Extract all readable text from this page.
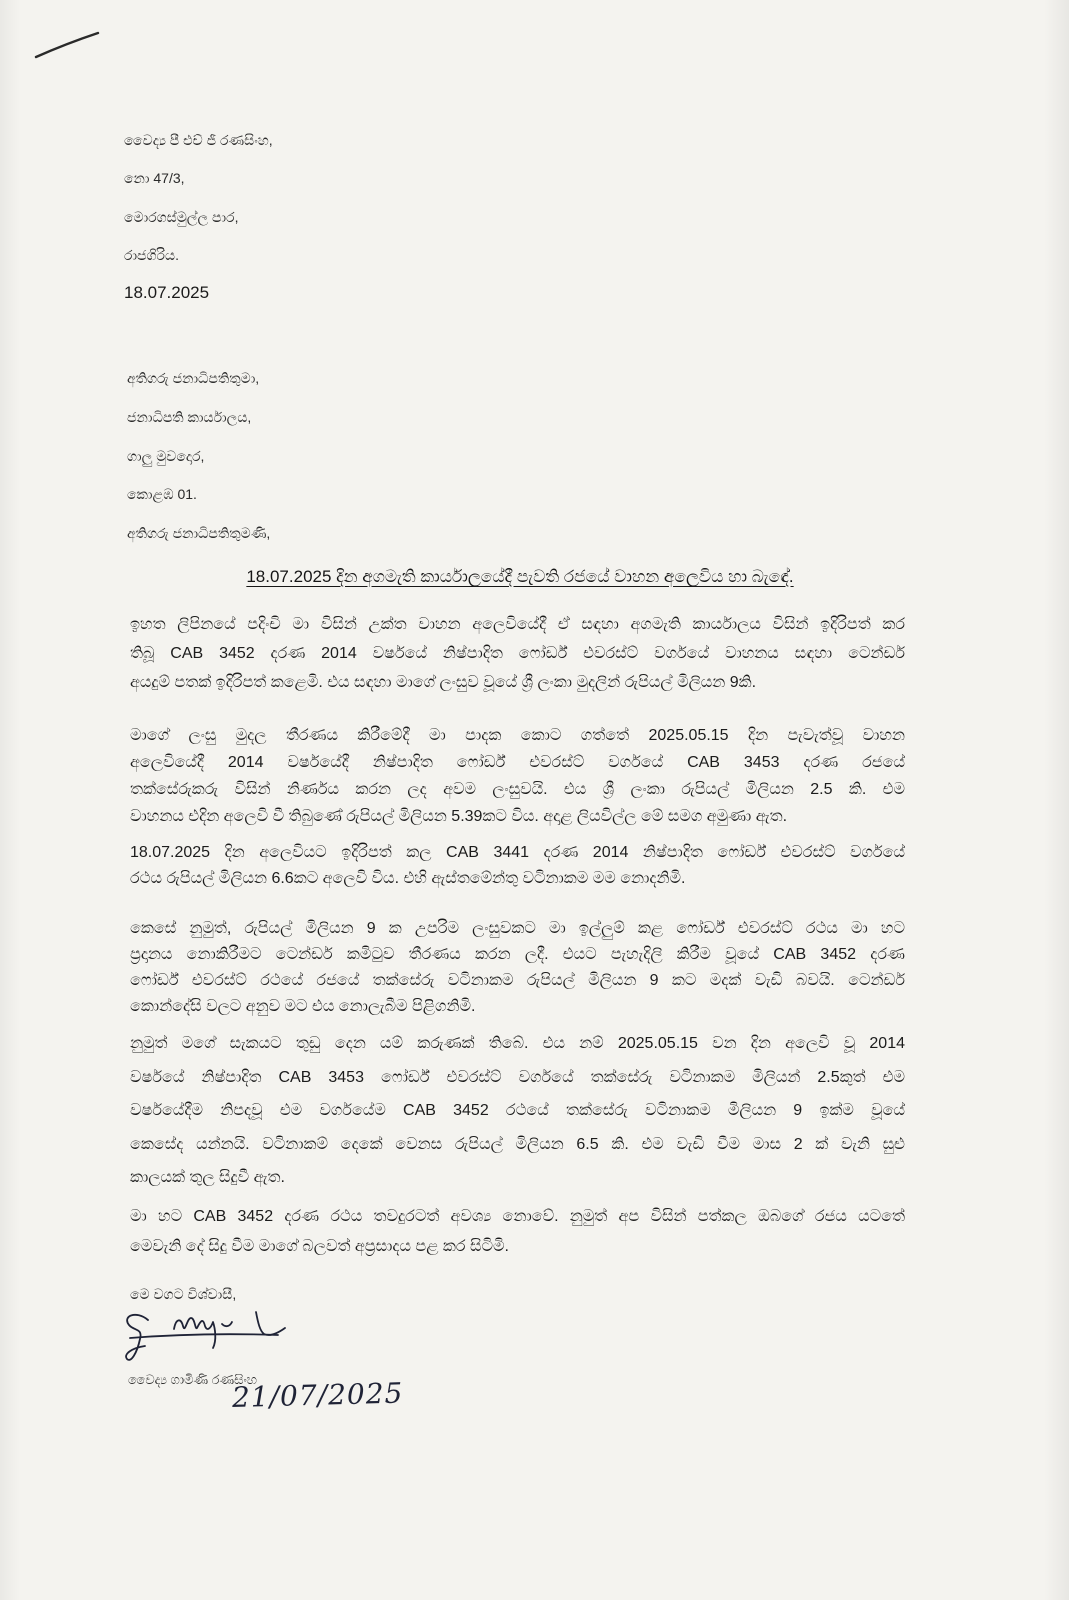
වෛද්‍ය පී එච් ජී රණසිංහ,
නො 47/3,
මොරගස්මුල්ල පාර,
රාජගිරිය.
18.07.2025
අතිගරු ජනාධිපතිතුමා,
ජනාධිපති කාර්යාලය,
ගාලු මුවදොර,
කොළඹ 01.
අතිගරු ජනාධිපතිතුමණි,
18.07.2025 දින අගමැති කාර්යාලයේදී පැවති රජයේ වාහන අලෙවිය හා බැඳේ.
ඉහත ලිපිනයේ පදිංචි මා විසින් උක්ත වාහන අලෙවියේදී ඒ සඳහා අගමැති කාර්යාලය විසින් ඉදිරිපත් කර
තිබූ CAB 3452 දරණ 2014 වර්ෂයේ නිෂ්පාදිත ෆෝර්ඩ් එවරස්ට් වර්ගයේ වාහනය සඳහා ටෙන්ඩර්
අයදුම් පතක් ඉදිරිපත් කළෙමි. එය සඳහා මාගේ ලංසුව වූයේ ශ්‍රී ලංකා මුදලින් රුපියල් මිලියන 9කි.
මාගේ ලංසු මුදල තීරණය කිරීමේදී මා පාදක කොට ගත්තේ 2025.05.15 දින පැවැත්වූ වාහන
අලෙවියේදී 2014 වර්ෂයේදී නිෂ්පාදිත ෆෝර්ඩ් එවරස්ට් වර්ගයේ CAB 3453 දරණ රජයේ
තක්සේරුකරු විසින් නිර්ණය කරන ලද අවම ලංසුවයි. එය ශ්‍රී ලංකා රුපියල් මිලියන 2.5 කි. එම
වාහනය එදින අලෙවි වී තිබුණේ රුපියල් මිලියන 5.39කට විය. අදාළ ලියවිල්ල මේ සමග අමුණා ඇත.
18.07.2025 දින අලෙවියට ඉදිරිපත් කල CAB 3441 දරණ 2014 නිෂ්පාදිත ෆෝර්ඩ් එවරස්ට් වර්ගයේ
රථය රුපියල් මිලියන 6.6කට අලෙවි විය. එහි ඇස්තමේන්තු වටිනාකම මම නොදනිමි.
කෙසේ නුමුත්, රුපියල් මිලියන 9 ක උපරිම ලංසුවකට මා ඉල්ලුම් කළ ෆෝර්ඩ් එවරස්ට් රථය මා හට
ප්‍රදානය නොකිරීමට ටෙන්ඩර් කමිටුව තීරණය කරන ලදී. එයට පැහැදිලි කිරීම වූයේ CAB 3452 දරණ
ෆෝර්ඩ් එවරස්ට් රථයේ රජයේ තක්සේරු වටිනාකම රුපියල් මිලියන 9 කට මදක් වැඩි බවයි. ටෙන්ඩර්
කොන්දේසි වලට අනුව මට එය නොලැබීම පිළිගනිමි.
නුමුත් මගේ සැකයට තුඩු දෙන යම් කරුණක් තිබේ. එය නම් 2025.05.15 වන දින අලෙවි වූ 2014
වර්ෂයේ නිෂ්පාදිත CAB 3453 ෆෝර්ඩ් එවරස්ට් වර්ගයේ තක්සේරු වටිනාකම මිලියන් 2.5කුත් එම
වර්ෂයේදීම නිපදවූ එම වර්ගයේම CAB 3452 රථයේ තක්සේරු වටිනාකම මිලියන 9 ඉක්ම වූයේ
කෙසේද යන්නයි. වටිනාකම් දෙකේ වෙනස රුපියල් මිලියන 6.5 කි. එම වැඩි වීම මාස 2 ක් වැනි සුළු
කාලයක් තුල සිදුවී ඇත.
මා හට CAB 3452 දරණ රථය තවදුරටත් අවශ්‍ය නොවේ. නුමුත් අප විසින් පත්කල ඔබගේ රජය යටතේ
මෙවැනි දේ සිදු වීම මාගේ බලවත් අප්‍රසාදය පළ කර සිටිමි.
මෙ වගට විශ්වාසී,
වෛද්‍ය ගාමිණි රණසිංහ
21/07/2025
